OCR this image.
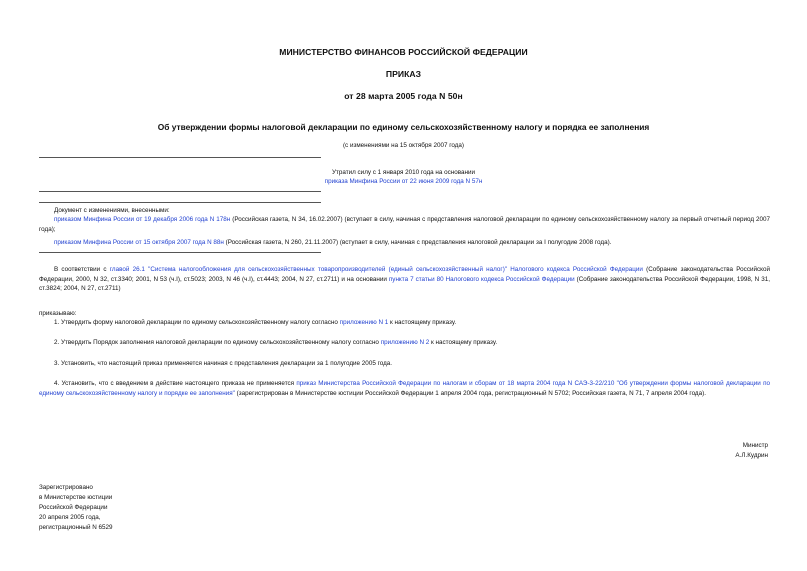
МИНИСТЕРСТВО ФИНАНСОВ РОССИЙСКОЙ ФЕДЕРАЦИИ
ПРИКАЗ
от 28 марта 2005 года N 50н
Об утверждении формы налоговой декларации по единому сельскохозяйственному налогу и порядка ее заполнения
(с изменениями на 15 октября 2007 года)
Утратил силу с 1 января 2010 года на основании
приказа Минфина России от 22 июня 2009 года N 57н
Документ с изменениями, внесенными:
приказом Минфина России от 19 декабря 2006 года N 178н (Российская газета, N 34, 16.02.2007) (вступает в силу, начиная с представления налоговой декларации по единому сельскохозяйственному налогу за первый отчетный период 2007 года);
приказом Минфина России от 15 октября 2007 года N 88н (Российская газета, N 260, 21.11.2007) (вступает в силу, начиная с представления налоговой декларации за I полугодие 2008 года).
В соответствии с главой 26.1 "Система налогообложения для сельскохозяйственных товаропроизводителей (единый сельскохозяйственный налог)" Налогового кодекса Российской Федерации (Собрание законодательства Российской Федерации, 2000, N 32, ст.3340; 2001, N 53 (ч.I), ст.5023; 2003, N 46 (ч.I), ст.4443; 2004, N 27, ст.2711) и на основании пункта 7 статьи 80 Налогового кодекса Российской Федерации (Собрание законодательства Российской Федерации, 1998, N 31, ст.3824; 2004, N 27, ст.2711)
приказываю:
1. Утвердить форму налоговой декларации по единому сельскохозяйственному налогу согласно приложению N 1 к настоящему приказу.
2. Утвердить Порядок заполнения налоговой декларации по единому сельскохозяйственному налогу согласно приложению N 2 к настоящему приказу.
3. Установить, что настоящий приказ применяется начиная с представления декларации за 1 полугодие 2005 года.
4. Установить, что с введением в действие настоящего приказа не применяется приказ Министерства Российской Федерации по налогам и сборам от 18 марта 2004 года N САЭ-3-22/210 "Об утверждении формы налоговой декларации по единому сельскохозяйственному налогу и порядке ее заполнения" (зарегистрирован в Министерстве юстиции Российской Федерации 1 апреля 2004 года, регистрационный N 5702; Российская газета, N 71, 7 апреля 2004 года).
Министр
А.Л.Кудрин
Зарегистрировано
в Министерстве юстиции
Российской Федерации
20 апреля 2005 года,
регистрационный N 6529
